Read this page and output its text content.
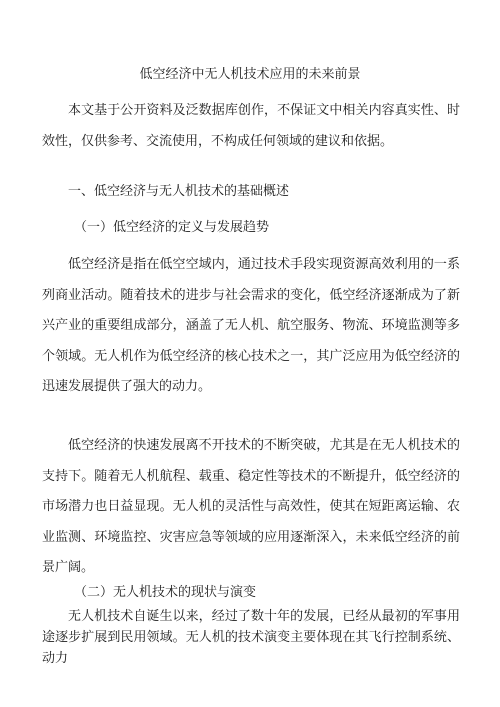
低空经济中无人机技术应用的未来前景

本文基于公开资料及泛数据库创作，不保证文中相关内容真实性、时效性，仅供参考、交流使用，不构成任何领域的建议和依据。

一、低空经济与无人机技术的基础概述
（一）低空经济的定义与发展趋势

低空经济是指在低空空域内，通过技术手段实现资源高效利用的一系列商业活动。随着技术的进步与社会需求的变化，低空经济逐渐成为了新兴产业的重要组成部分，涵盖了无人机、航空服务、物流、环境监测等多个领域。无人机作为低空经济的核心技术之一，其广泛应用为低空经济的迅速发展提供了强大的动力。

低空经济的快速发展离不开技术的不断突破，尤其是在无人机技术的支持下。随着无人机航程、载重、稳定性等技术的不断提升，低空经济的市场潜力也日益显现。无人机的灵活性与高效性，使其在短距离运输、农业监测、环境监控、灾害应急等领域的应用逐渐深入，未来低空经济的前景广阔。

（二）无人机技术的现状与演变

无人机技术自诞生以来，经过了数十年的发展，已经从最初的军事用途逐步扩展到民用领域。无人机的技术演变主要体现在其飞行控制系统、动力
